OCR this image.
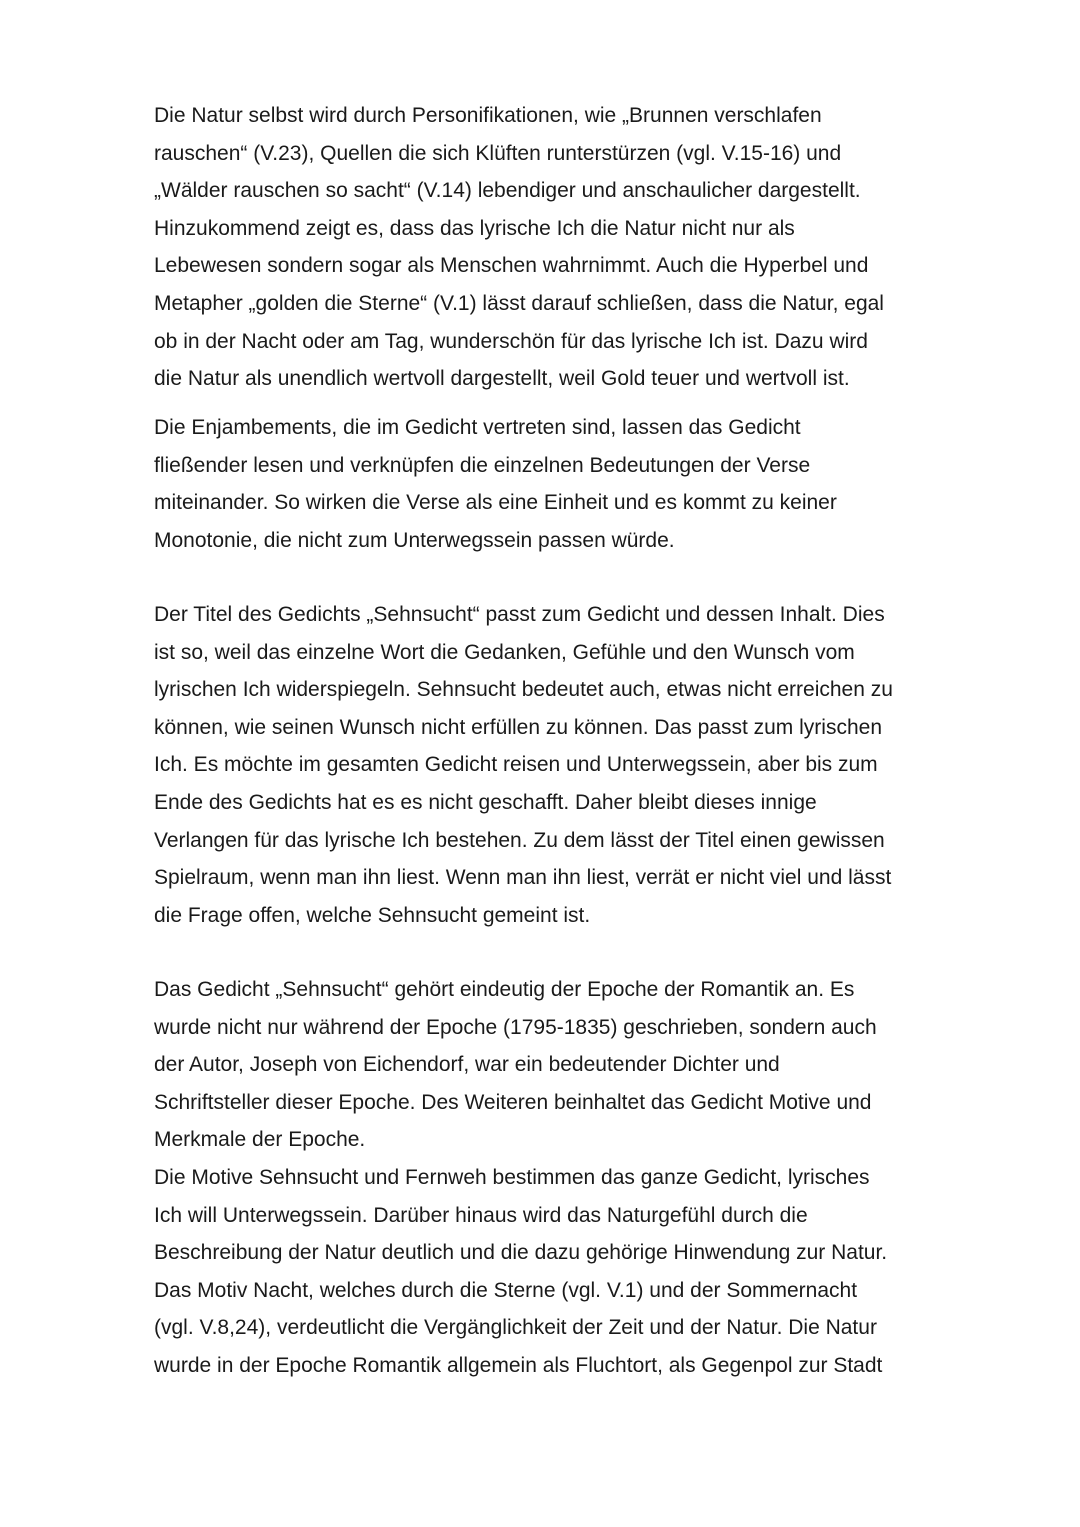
Die Natur selbst wird durch Personifikationen, wie „Brunnen verschlafen
rauschen“ (V.23), Quellen die sich Klüften runterstürzen (vgl. V.15-16) und
„Wälder rauschen so sacht“ (V.14) lebendiger und anschaulicher dargestellt.
Hinzukommend zeigt es, dass das lyrische Ich die Natur nicht nur als
Lebewesen sondern sogar als Menschen wahrnimmt. Auch die Hyperbel und
Metapher „golden die Sterne“ (V.1) lässt darauf schließen, dass die Natur, egal
ob in der Nacht oder am Tag, wunderschön für das lyrische Ich ist. Dazu wird
die Natur als unendlich wertvoll dargestellt, weil Gold teuer und wertvoll ist.
Die Enjambements, die im Gedicht vertreten sind, lassen das Gedicht
fließender lesen und verknüpfen die einzelnen Bedeutungen der Verse
miteinander. So wirken die Verse als eine Einheit und es kommt zu keiner
Monotonie, die nicht zum Unterwegssein passen würde.
Der Titel des Gedichts „Sehnsucht“ passt zum Gedicht und dessen Inhalt. Dies
ist so, weil das einzelne Wort die Gedanken, Gefühle und den Wunsch vom
lyrischen Ich widerspiegeln. Sehnsucht bedeutet auch, etwas nicht erreichen zu
können, wie seinen Wunsch nicht erfüllen zu können. Das passt zum lyrischen
Ich. Es möchte im gesamten Gedicht reisen und Unterwegssein, aber bis zum
Ende des Gedichts hat es es nicht geschafft. Daher bleibt dieses innige
Verlangen für das lyrische Ich bestehen. Zu dem lässt der Titel einen gewissen
Spielraum, wenn man ihn liest. Wenn man ihn liest, verrät er nicht viel und lässt
die Frage offen, welche Sehnsucht gemeint ist.
Das Gedicht „Sehnsucht“ gehört eindeutig der Epoche der Romantik an. Es
wurde nicht nur während der Epoche (1795-1835) geschrieben, sondern auch
der Autor, Joseph von Eichendorf, war ein bedeutender Dichter und
Schriftsteller dieser Epoche. Des Weiteren beinhaltet das Gedicht Motive und
Merkmale der Epoche.
Die Motive Sehnsucht und Fernweh bestimmen das ganze Gedicht, lyrisches
Ich will Unterwegssein. Darüber hinaus wird das Naturgefühl durch die
Beschreibung der Natur deutlich und die dazu gehörige Hinwendung zur Natur.
Das Motiv Nacht, welches durch die Sterne (vgl. V.1) und der Sommernacht
(vgl. V.8,24), verdeutlicht die Vergänglichkeit der Zeit und der Natur. Die Natur
wurde in der Epoche Romantik allgemein als Fluchtort, als Gegenpol zur Stadt
